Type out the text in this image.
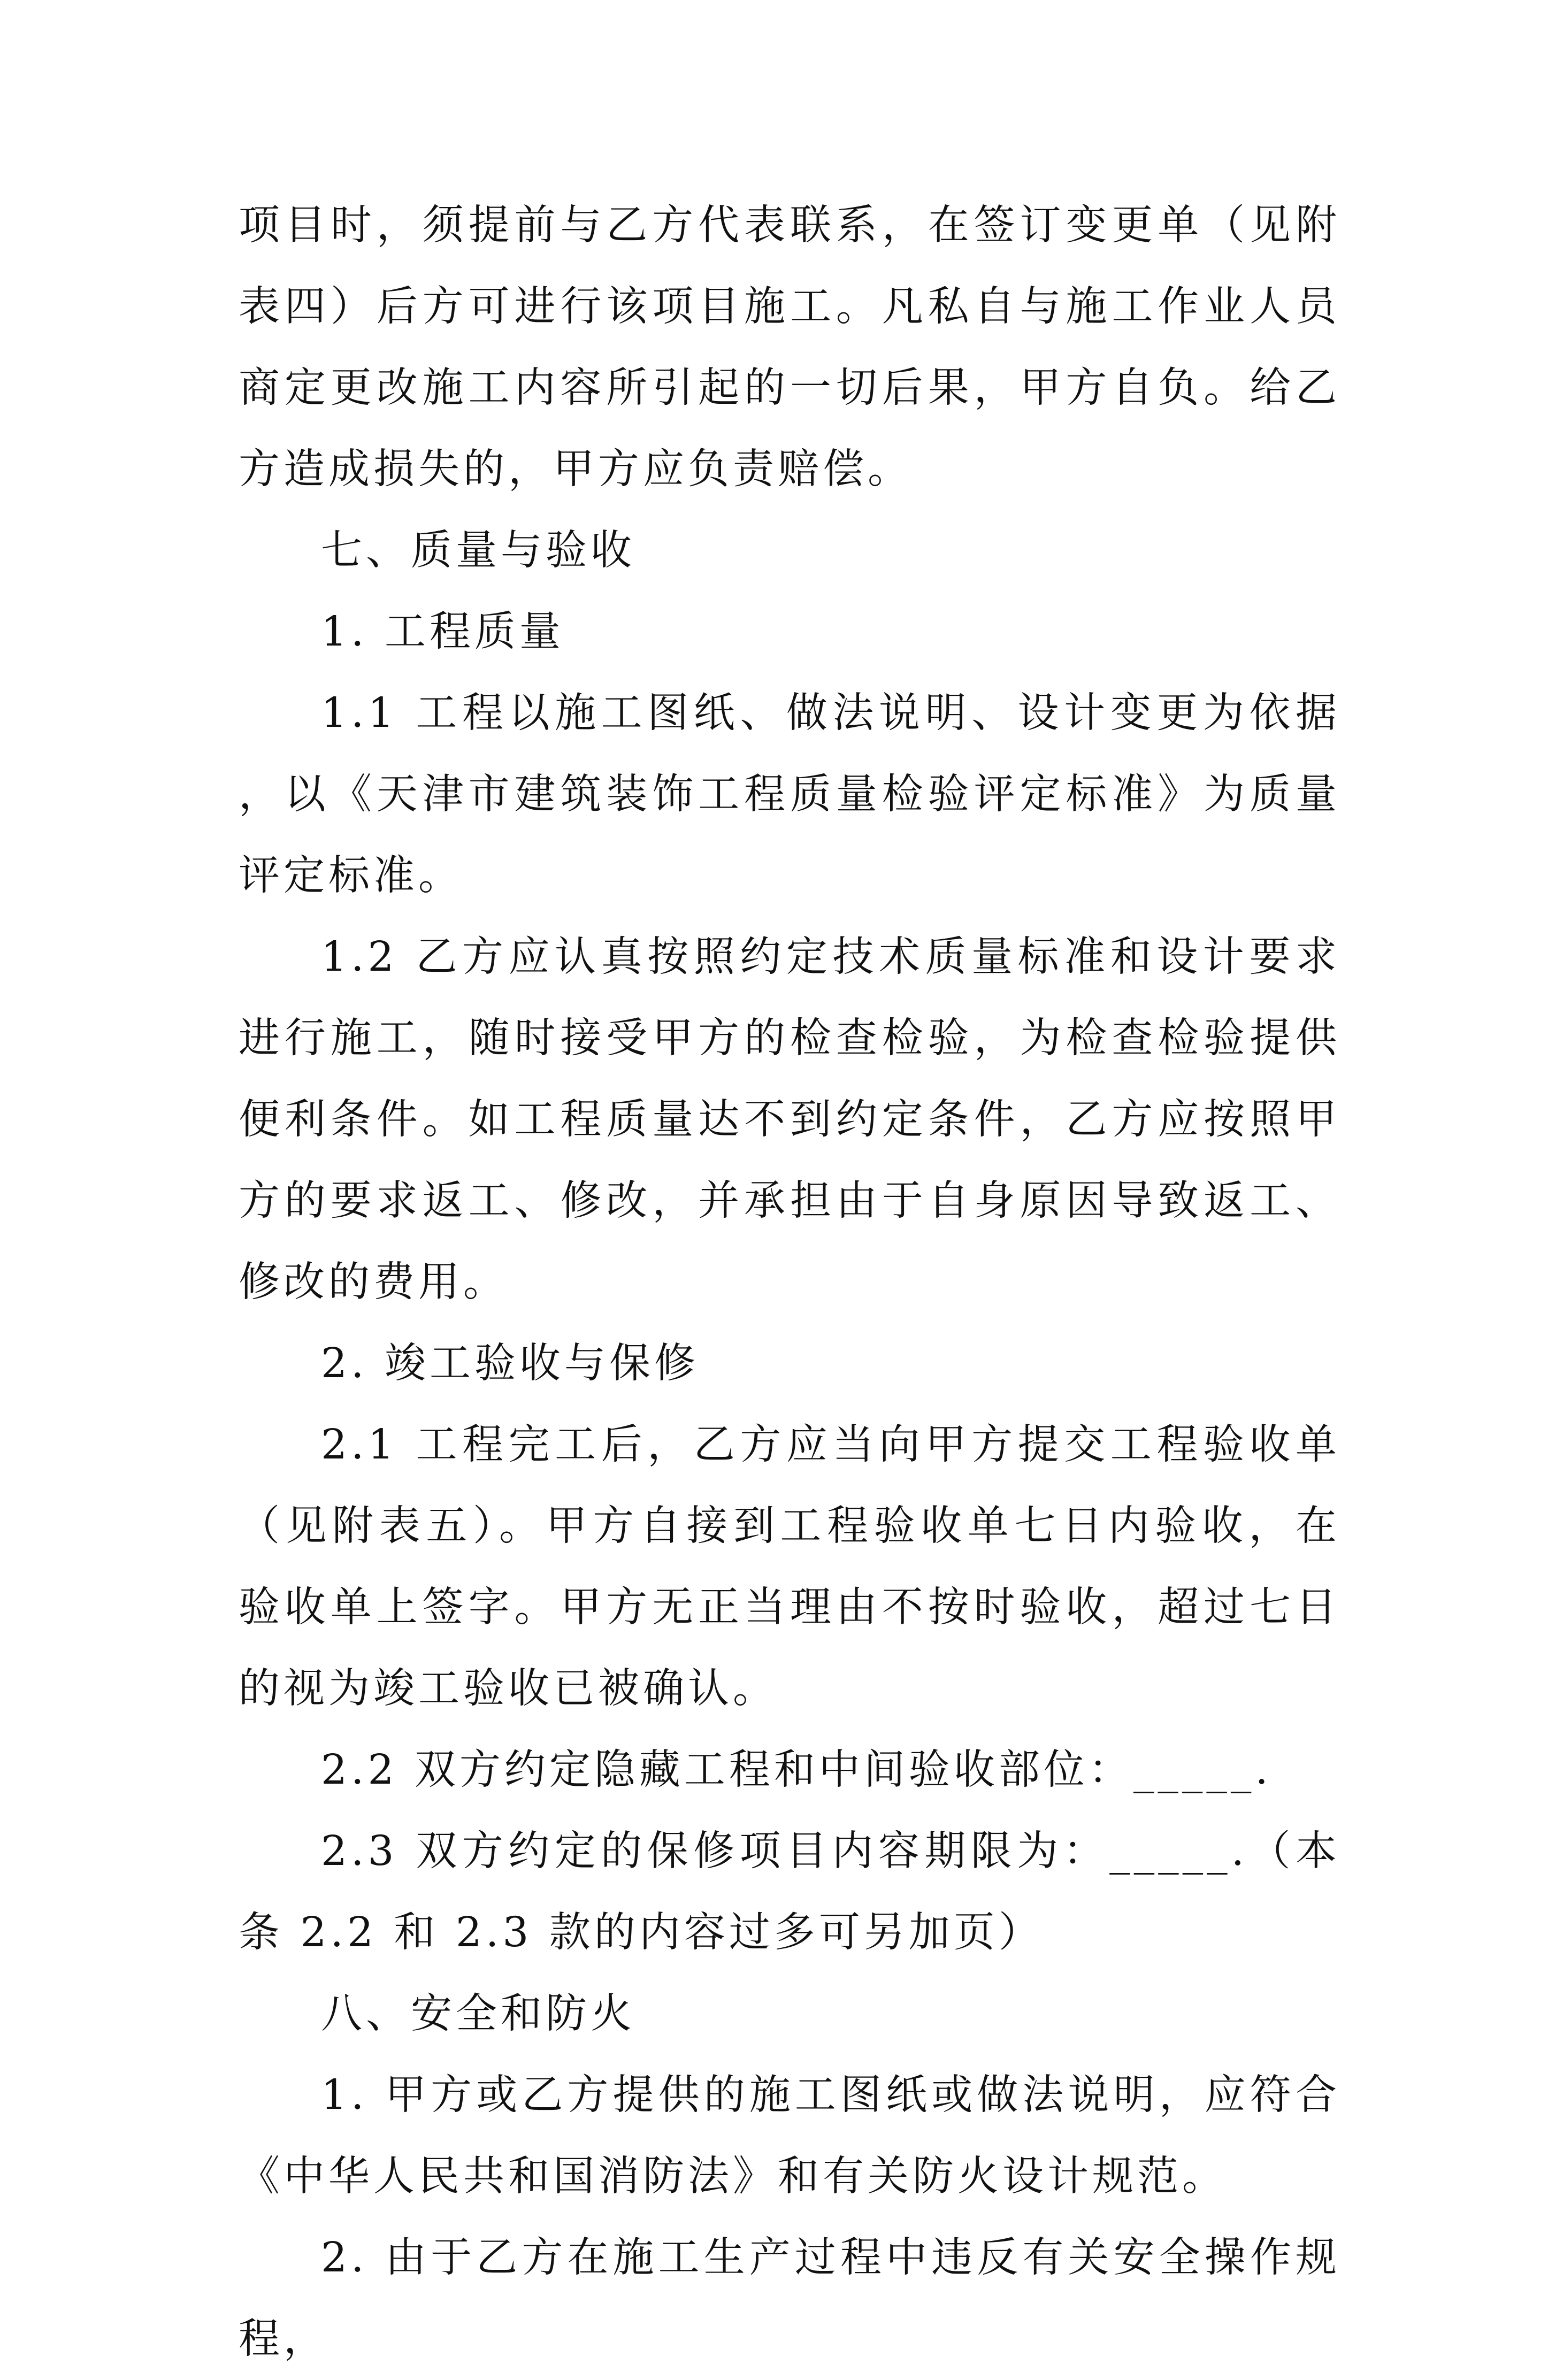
项目时，须提前与乙方代表联系，在签订变更单（见附表四）后方可进行该项目施工。凡私自与施工作业人员商定更改施工内容所引起的一切后果，甲方自负。给乙方造成损失的，甲方应负责赔偿。

七、质量与验收

1. 工程质量

1.1 工程以施工图纸、做法说明、设计变更为依据，以《天津市建筑装饰工程质量检验评定标准》为质量评定标准。

1.2 乙方应认真按照约定技术质量标准和设计要求进行施工，随时接受甲方的检查检验，为检查检验提供便利条件。如工程质量达不到约定条件，乙方应按照甲方的要求返工、修改，并承担由于自身原因导致返工、修改的费用。

2. 竣工验收与保修

2.1 工程完工后，乙方应当向甲方提交工程验收单（见附表五）。甲方自接到工程验收单七日内验收，在验收单上签字。甲方无正当理由不按时验收，超过七日的视为竣工验收已被确认。

2.2 双方约定隐藏工程和中间验收部位：_____.

2.3 双方约定的保修项目内容期限为：_____.（本条 2.2 和 2.3 款的内容过多可另加页）

八、安全和防火

1. 甲方或乙方提供的施工图纸或做法说明，应符合《中华人民共和国消防法》和有关防火设计规范。

2. 由于乙方在施工生产过程中违反有关安全操作规程，
